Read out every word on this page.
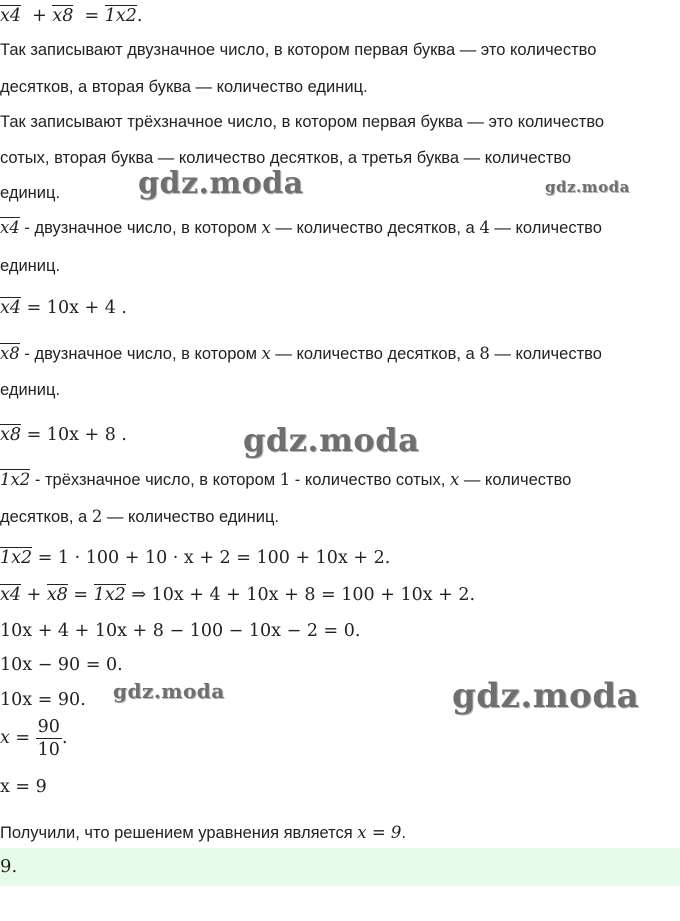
x4  + x8  = 1x2.
Так записывают двузначное число, в котором первая буква — это количество
десятков, а вторая буква — количество единиц.
Так записывают трёхзначное число, в котором первая буква — это количество
сотых, вторая буква — количество десятков, а третья буква — количество
единиц.
x4 - двузначное число, в котором x — количество десятков, а 4 — количество
единиц.
x4 = 10x + 4 .
x8 - двузначное число, в котором x — количество десятков, а 8 — количество
единиц.
x8 = 10x + 8 .
1x2 - трёхзначное число, в котором 1 - количество сотых, x — количество
десятков, а 2 — количество единиц.
1x2 = 1 · 100 + 10 · x + 2 = 100 + 10x + 2.
x4 + x8 = 1x2 ⇒ 10x + 4 + 10x + 8 = 100 + 10x + 2.
10x + 4 + 10x + 8 − 100 − 10x − 2 = 0.
10x − 90 = 0.
10x = 90.
$x = \frac{90}{10}$ .
x = 9
Получили, что решением уравнения является x = 9.
9.
gdz.moda	gdz.moda
gdz.moda
gdz.moda	gdz.moda
